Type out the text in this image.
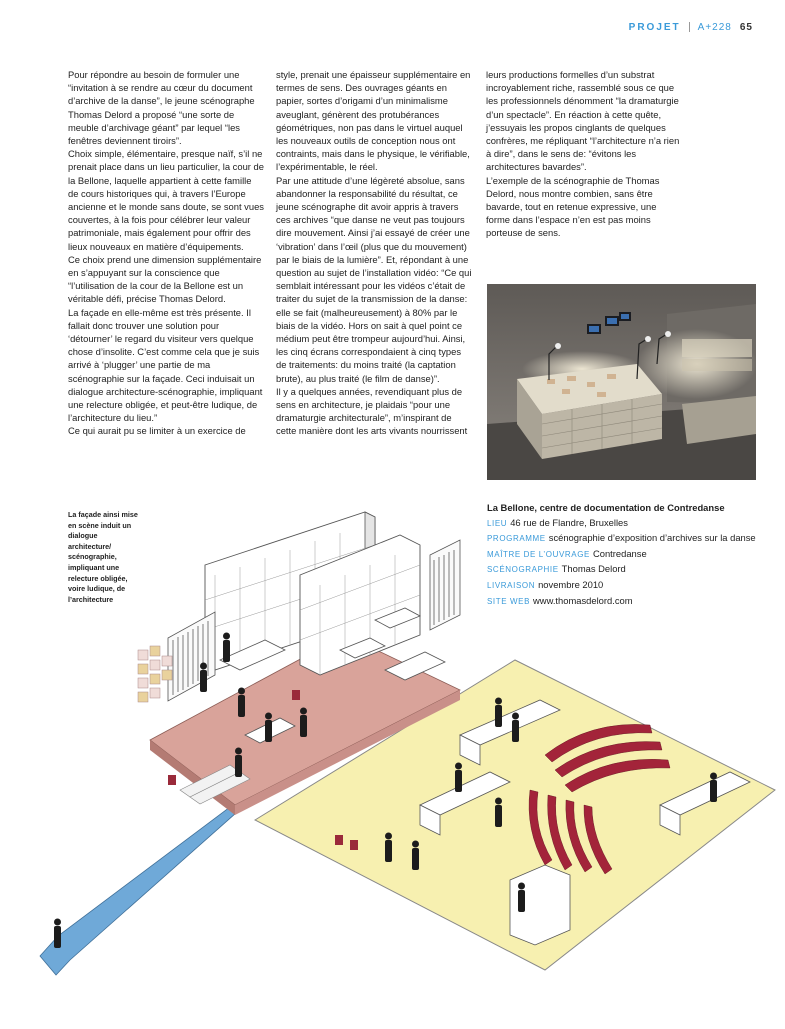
PROJET A+228 65

Pour répondre au besoin de formuler une “invitation à se rendre au cœur du document d’archive de la danse”, le jeune scénographe Thomas Delord a proposé “une sorte de meuble d’archivage géant” par lequel “les fenêtres deviennent tiroirs”.

Choix simple, élémentaire, presque naïf, s’il ne prenait place dans un lieu particulier, la cour de la Bellone, laquelle appartient à cette famille de cours historiques qui, à travers l’Europe ancienne et le monde sans doute, se sont vues couvertes, à la fois pour célébrer leur valeur patrimoniale, mais également pour offrir des lieux nouveaux en matière d’équipements.

Ce choix prend une dimension supplémentaire en s’appuyant sur la conscience que “l’utilisation de la cour de la Bellone est un véritable défi, précise Thomas Delord.

La façade en elle-même est très présente. Il fallait donc trouver une solution pour ‘détourner’ le regard du visiteur vers quelque chose d’insolite. C’est comme cela que je suis arrivé à ‘plugger’ une partie de ma scénographie sur la façade. Ceci induisait un dialogue architecture-scénographie, impliquant une relecture obligée, et peut-être ludique, de l’architecture du lieu.”

Ce qui aurait pu se limiter à un exercice de

style, prenait une épaisseur supplémentaire en termes de sens. Des ouvrages géants en papier, sortes d’origami d’un minimalisme aveuglant, génèrent des protubérances géométriques, non pas dans le virtuel auquel les nouveaux outils de conception nous ont contraints, mais dans le physique, le vérifiable, l’expérimentable, le réel.

Par une attitude d’une légèreté absolue, sans abandonner la responsabilité du résultat, ce jeune scénographe dit avoir appris à travers ces archives “que danse ne veut pas toujours dire mouvement. Ainsi j’ai essayé de créer une ‘vibration’ dans l’œil (plus que du mouvement) par le biais de la lumière”. Et, répondant à une question au sujet de l’installation vidéo: “Ce qui semblait intéressant pour les vidéos c’était de traiter du sujet de la transmission de la danse: elle se fait (malheureusement) à 80% par le biais de la vidéo. Hors on sait à quel point ce médium peut être trompeur aujourd’hui. Ainsi, les cinq écrans correspondaient à cinq types de traitements: du moins traité (la captation brute), au plus traité (le film de danse)”.

Il y a quelques années, revendiquant plus de sens en architecture, je plaidais “pour une dramaturgie architecturale”, m’inspirant de cette manière dont les arts vivants nourrissent

leurs productions formelles d’un substrat incroyablement riche, rassemblé sous ce que les professionnels dénomment “la dramaturgie d’un spectacle”. En réaction à cette quête, j’essuyais les propos cinglants de quelques confrères, me répliquant “l’architecture n’a rien à dire”, dans le sens de: “évitons les architectures bavardes”.

L’exemple de la scénographie de Thomas Delord, nous montre combien, sans être bavarde, tout en retenue expressive, une forme dans l’espace n’en est pas moins porteuse de sens.

La Bellone, centre de documentation de Contredanse
LIEU 46 rue de Flandre, Bruxelles
PROGRAMME scénographie d’exposition d’archives sur la danse
MAÎTRE DE L’OUVRAGE Contredanse
SCÉNOGRAPHIE Thomas Delord
LIVRAISON novembre 2010
SITE WEB www.thomasdelord.com
La façade ainsi mise en scène induit un dialogue architecture/ scénographie, impliquant une relecture obligée, voire ludique, de l’architecture
